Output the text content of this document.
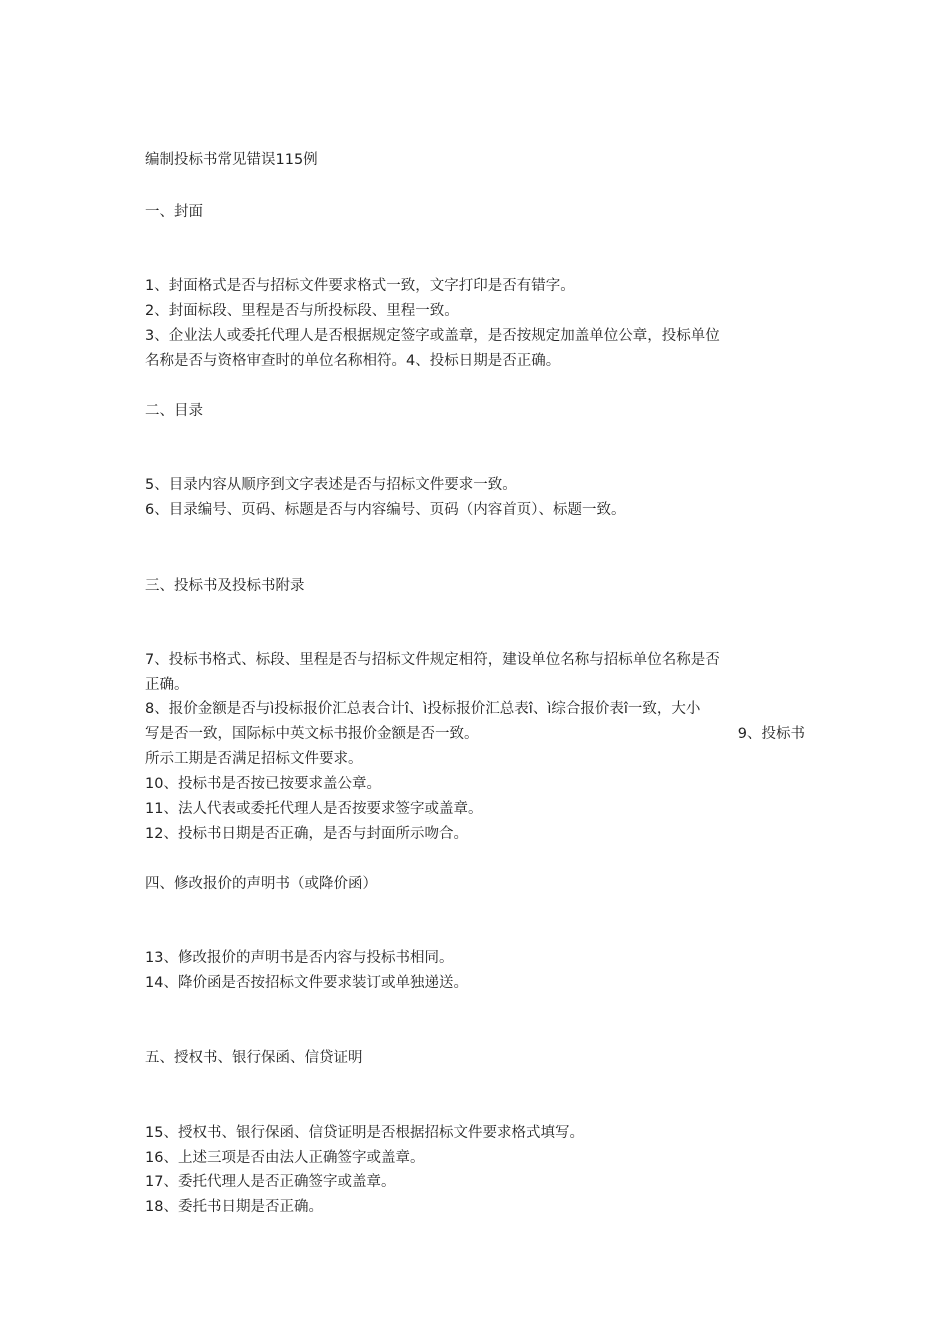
编制投标书常见错误115例
一、封面
1、封面格式是否与招标文件要求格式一致，文字打印是否有错字。
2、封面标段、里程是否与所投标段、里程一致。
3、企业法人或委托代理人是否根据规定签字或盖章，是否按规定加盖单位公章，投标单位
名称是否与资格审查时的单位名称相符。4、投标日期是否正确。
二、目录
5、目录内容从顺序到文字表述是否与招标文件要求一致。
6、目录编号、页码、标题是否与内容编号、页码（内容首页）、标题一致。
三、投标书及投标书附录
7、投标书格式、标段、里程是否与招标文件规定相符，建设单位名称与招标单位名称是否
正确。
8、报价金额是否与ì投标报价汇总表合计î、ì投标报价汇总表î、ì综合报价表î一致，大小
写是否一致，国际标中英文标书报价金额是否一致。	9、投标书
所示工期是否满足招标文件要求。
10、投标书是否按已按要求盖公章。
11、法人代表或委托代理人是否按要求签字或盖章。
12、投标书日期是否正确，是否与封面所示吻合。
四、修改报价的声明书（或降价函）
13、修改报价的声明书是否内容与投标书相同。
14、降价函是否按招标文件要求装订或单独递送。
五、授权书、银行保函、信贷证明
15、授权书、银行保函、信贷证明是否根据招标文件要求格式填写。
16、上述三项是否由法人正确签字或盖章。
17、委托代理人是否正确签字或盖章。
18、委托书日期是否正确。
